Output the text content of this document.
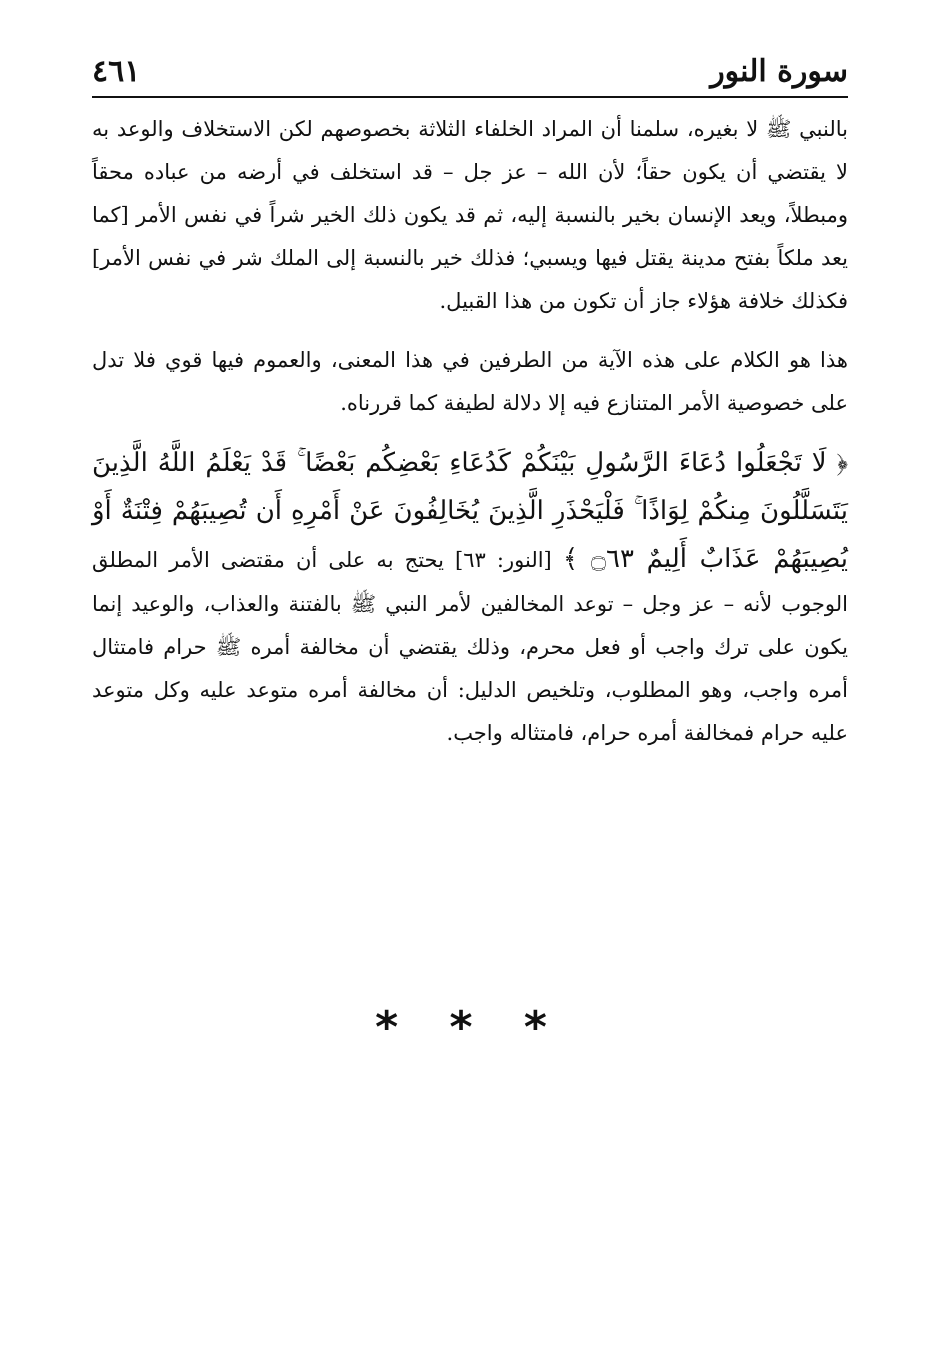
سورة النور
٤٦١

بالنبي ﷺ لا بغيره، سلمنا أن المراد الخلفاء الثلاثة بخصوصهم لكن الاستخلاف والوعد به لا يقتضي أن يكون حقاً؛ لأن الله – عز جل – قد استخلف في أرضه من عباده محقاً ومبطلاً، ويعد الإنسان بخير بالنسبة إليه، ثم قد يكون ذلك الخير شراً في نفس الأمر [كما يعد ملكاً بفتح مدينة يقتل فيها ويسبي؛ فذلك خير بالنسبة إلى الملك شر في نفس الأمر] فكذلك خلافة هؤلاء جاز أن تكون من هذا القبيل.

هذا هو الكلام على هذه الآية من الطرفين في هذا المعنى، والعموم فيها قوي فلا تدل على خصوصية الأمر المتنازع فيه إلا دلالة لطيفة كما قررناه.

﴿ لَا تَجْعَلُوا دُعَاءَ الرَّسُولِ بَيْنَكُمْ كَدُعَاءِ بَعْضِكُم بَعْضًا ۚ قَدْ يَعْلَمُ اللَّهُ الَّذِينَ يَتَسَلَّلُونَ مِنكُمْ لِوَاذًا ۚ فَلْيَحْذَرِ الَّذِينَ يُخَالِفُونَ عَنْ أَمْرِهِ أَن تُصِيبَهُمْ فِتْنَةٌ أَوْ يُصِيبَهُمْ عَذَابٌ أَلِيمٌ ۝٦٣ ﴾ [النور: ٦٣] يحتج به على أن مقتضى الأمر المطلق الوجوب لأنه – عز وجل – توعد المخالفين لأمر النبي ﷺ بالفتنة والعذاب، والوعيد إنما يكون على ترك واجب أو فعل محرم، وذلك يقتضي أن مخالفة أمره ﷺ حرام فامتثال أمره واجب، وهو المطلوب، وتلخيص الدليل: أن مخالفة أمره متوعد عليه وكل متوعد عليه حرام فمخالفة أمره حرام، فامتثاله واجب.

* * *
